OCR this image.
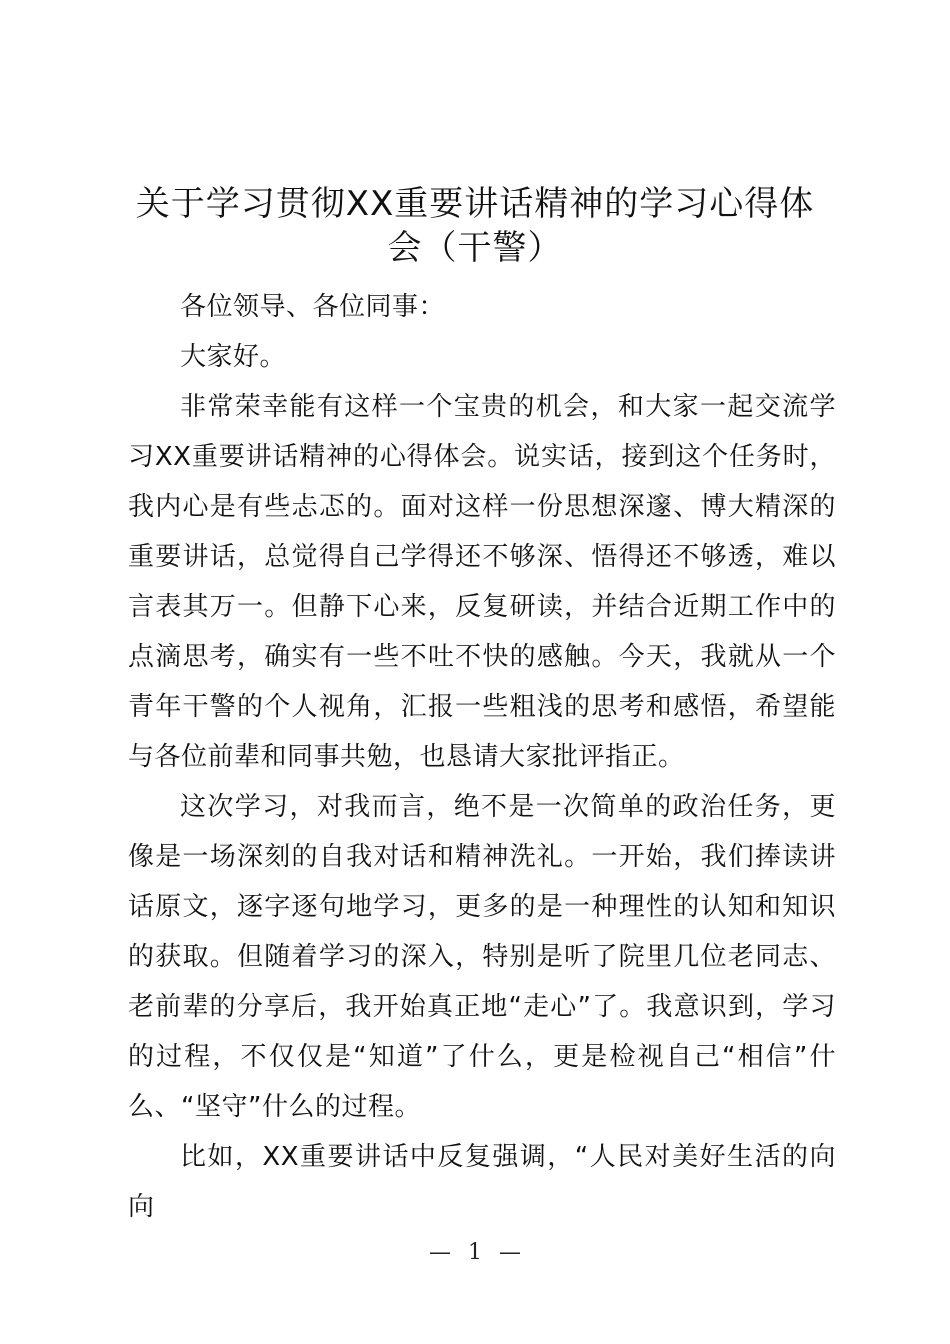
关于学习贯彻XX重要讲话精神的学习心得体
会（干警）

各位领导、各位同事：

大家好。

非常荣幸能有这样一个宝贵的机会，和大家一起交流学习XX重要讲话精神的心得体会。说实话，接到这个任务时，我内心是有些忐忑的。面对这样一份思想深邃、博大精深的重要讲话，总觉得自己学得还不够深、悟得还不够透，难以言表其万一。但静下心来，反复研读，并结合近期工作中的点滴思考，确实有一些不吐不快的感触。今天，我就从一个青年干警的个人视角，汇报一些粗浅的思考和感悟，希望能与各位前辈和同事共勉，也恳请大家批评指正。

这次学习，对我而言，绝不是一次简单的政治任务，更像是一场深刻的自我对话和精神洗礼。一开始，我们捧读讲话原文，逐字逐句地学习，更多的是一种理性的认知和知识的获取。但随着学习的深入，特别是听了院里几位老同志、老前辈的分享后，我开始真正地“走心”了。我意识到，学习的过程，不仅仅是“知道”了什么，更是检视自己“相信”什么、“坚守”什么的过程。

比如，XX重要讲话中反复强调，“人民对美好生活的向向

— 1 —
